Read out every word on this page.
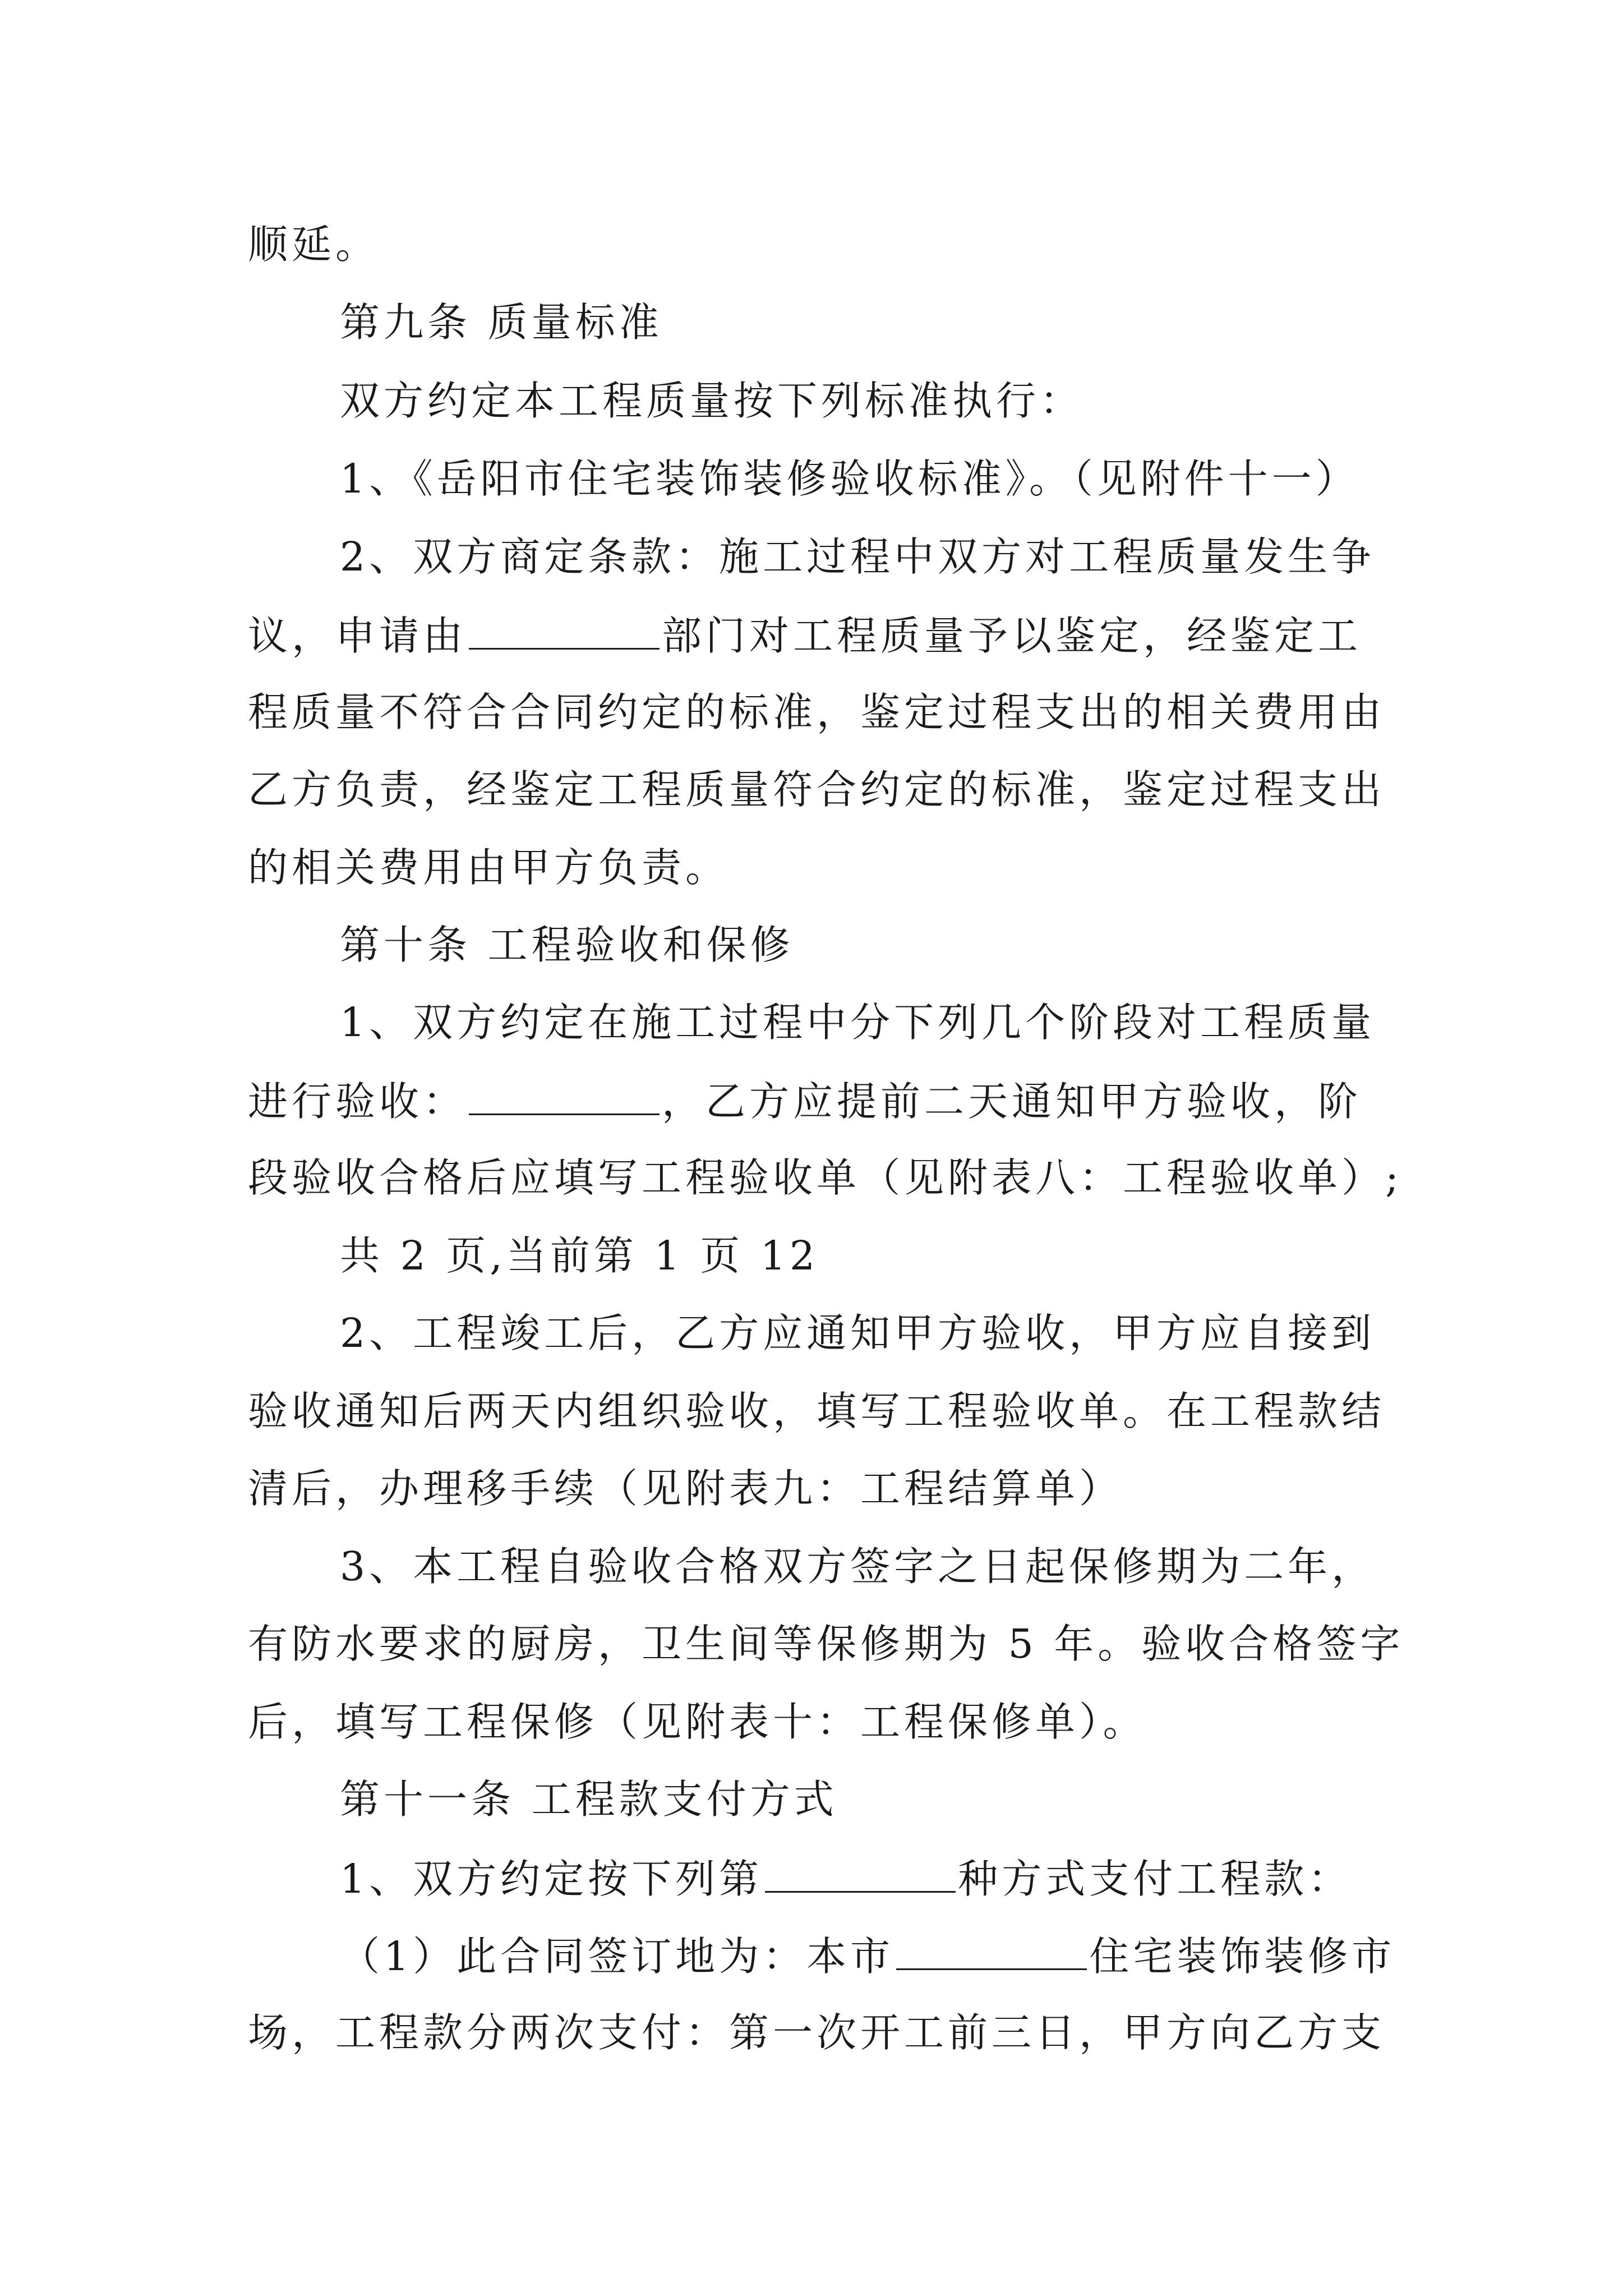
顺延。
第九条 质量标准
双方约定本工程质量按下列标准执行：
1、《岳阳市住宅装饰装修验收标准》。（见附件十一）
2、双方商定条款：施工过程中双方对工程质量发生争
议，申请由	部门对工程质量予以鉴定，经鉴定工
程质量不符合合同约定的标准，鉴定过程支出的相关费用由
乙方负责，经鉴定工程质量符合约定的标准，鉴定过程支出
的相关费用由甲方负责。
第十条 工程验收和保修
1、双方约定在施工过程中分下列几个阶段对工程质量
进行验收：	，乙方应提前二天通知甲方验收，阶
段验收合格后应填写工程验收单（见附表八：工程验收单）;
共 2 页,当前第 1 页 12
2、工程竣工后，乙方应通知甲方验收，甲方应自接到
验收通知后两天内组织验收，填写工程验收单。在工程款结
清后，办理移手续（见附表九：工程结算单）
3、本工程自验收合格双方签字之日起保修期为二年，
有防水要求的厨房，卫生间等保修期为 5 年。验收合格签字
后，填写工程保修（见附表十：工程保修单）。
第十一条 工程款支付方式
1、双方约定按下列第	种方式支付工程款：
（1）此合同签订地为：本市	住宅装饰装修市
场，工程款分两次支付：第一次开工前三日，甲方向乙方支
